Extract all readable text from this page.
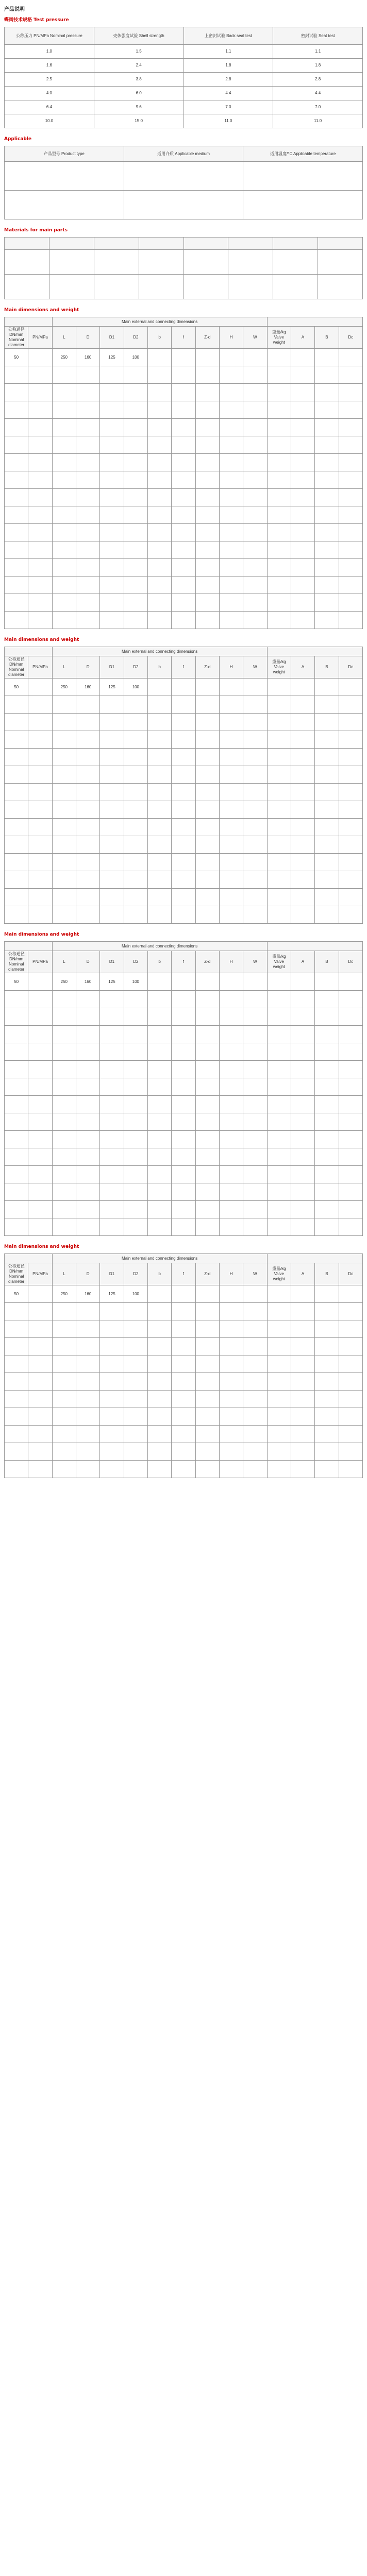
产品说明
蝶阀技术规格 Test pressure
公称压力 PN/MPa Nominal pressure	壳体强度试验 Shell strength	上密封试验 Back seal test	密封试验 Seat test
1.0	1.5	1.1	1.1
1.6	2.4	1.8	1.8
2.5	3.8	2.8	2.8
4.0	6.0	4.4	4.4
6.4	9.6	7.0	7.0
10.0	15.0	11.0	11.0
Applicable
产品型号 Product type	适用介质 Applicable medium	适用温度/°C Applicable temperature

Materials for main parts

Main dimensions and weight
		Main external and connecting dimensions												
公称通径 DN/mm Nominal diameter	PN/MPa	L	D	D1	D2	b	f	Z-d	H	W	重量/kg Valve weight	A	B	Dc
50		250	160	125	100									

Main dimensions and weight
		Main external and connecting dimensions												
公称通径 DN/mm Nominal diameter	PN/MPa	L	D	D1	D2	b	f	Z-d	H	W	重量/kg Valve weight	A	B	Dc
50		250	160	125	100									

Main dimensions and weight
		Main external and connecting dimensions												
公称通径 DN/mm Nominal diameter	PN/MPa	L	D	D1	D2	b	f	Z-d	H	W	重量/kg Valve weight	A	B	Dc
50		250	160	125	100									

Main dimensions and weight
		Main external and connecting dimensions												
公称通径 DN/mm Nominal diameter	PN/MPa	L	D	D1	D2	b	f	Z-d	H	W	重量/kg Valve weight	A	B	Dc
50		250	160	125	100									
